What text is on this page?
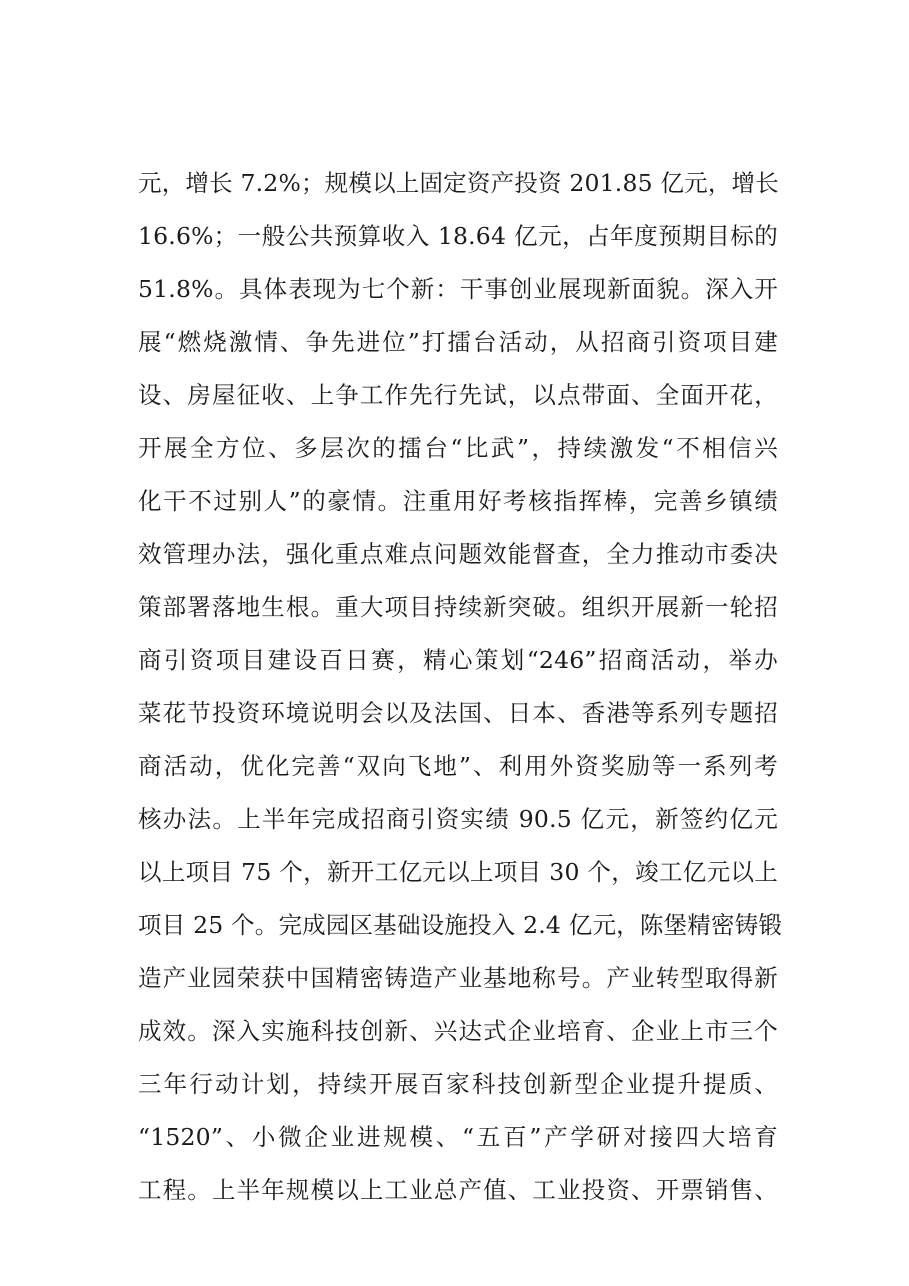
元，增长 7.2%；规模以上固定资产投资 201.85 亿元，增长
16.6%；一般公共预算收入 18.64 亿元，占年度预期目标的
51.8%。具体表现为七个新：干事创业展现新面貌。深入开
展“燃烧激情、争先进位”打擂台活动，从招商引资项目建
设、房屋征收、上争工作先行先试，以点带面、全面开花，
开展全方位、多层次的擂台“比武”，持续激发“不相信兴
化干不过别人”的豪情。注重用好考核指挥棒，完善乡镇绩
效管理办法，强化重点难点问题效能督查，全力推动市委决
策部署落地生根。重大项目持续新突破。组织开展新一轮招
商引资项目建设百日赛，精心策划“246”招商活动，举办
菜花节投资环境说明会以及法国、日本、香港等系列专题招
商活动，优化完善“双向飞地”、利用外资奖励等一系列考
核办法。上半年完成招商引资实绩 90.5 亿元，新签约亿元
以上项目 75 个，新开工亿元以上项目 30 个，竣工亿元以上
项目 25 个。完成园区基础设施投入 2.4 亿元，陈堡精密铸锻
造产业园荣获中国精密铸造产业基地称号。产业转型取得新
成效。深入实施科技创新、兴达式企业培育、企业上市三个
三年行动计划，持续开展百家科技创新型企业提升提质、
“1520”、小微企业进规模、“五百”产学研对接四大培育
工程。上半年规模以上工业总产值、工业投资、开票销售、
